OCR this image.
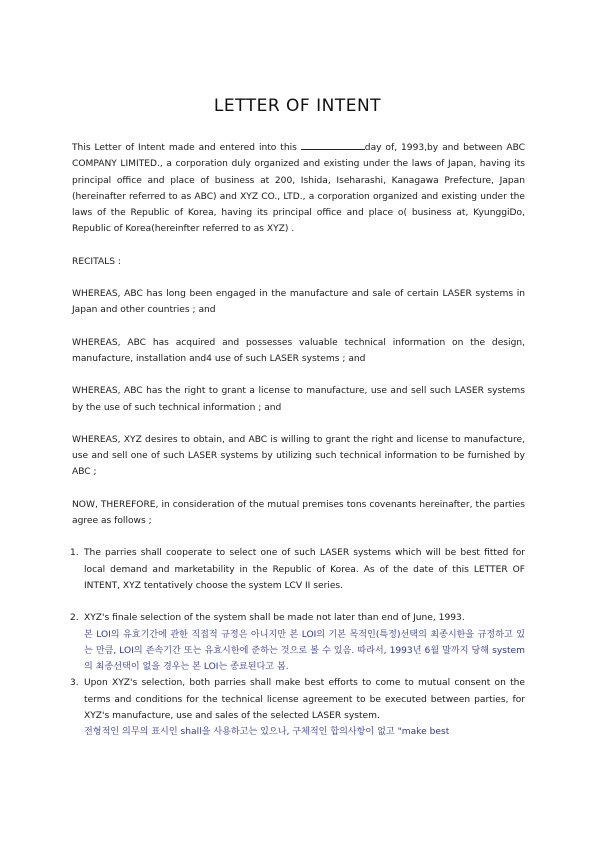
LETTER OF INTENT

This Letter of Intent made and entered into this	day of, 1993,by and between ABC COMPANY LIMITED., a corporation duly organized and existing under the laws of Japan, having its principal office and place of business at 200, Ishida, Iseharashi, Kanagawa Prefecture, Japan (hereinafter referred to as ABC) and XYZ CO., LTD., a corporation organized and existing under the laws of the Republic of Korea, having its principal office and place o( business at, KyunggiDo, Republic of Korea(hereinfter referred to as XYZ) .

RECITALS :

WHEREAS, ABC has long been engaged in the manufacture and sale of certain LASER systems in Japan and other countries ; and

WHEREAS, ABC has acquired and possesses valuable technical information on the design, manufacture, installation and4 use of such LASER systems ; and

WHEREAS, ABC has the right to grant a license to manufacture, use and sell such LASER systems by the use of such technical information ; and

WHEREAS, XYZ desires to obtain, and ABC is willing to grant the right and license to manufacture, use and sell one of such LASER systems by utilizing such technical information to be furnished by ABC ;

NOW, THEREFORE, in consideration of the mutual premises tons covenants hereinafter, the parties agree as follows ;

1. The parries shall cooperate to select one of such LASER systems which will be best fitted for local demand and marketability in the Republic of Korea. As of the date of this LETTER OF INTENT, XYZ tentatively choose the system LCV II series.
2. XYZ's finale selection of the system shall be made not later than end of June, 1993.
본 LOI의 유효기간에 관한 직접적 규정은 아니지만 본 LOI의 기본 목적인(특정)선택의 최종시한을 규정하고 있는 만큼, LOI의 존속기간 또는 유효시한에 준하는 것으로 볼 수 있음. 따라서, 1993년 6월 말까지 당해 system의 최종선택이 없을 경우는 본 LOI는 종료된다고 봄.
3. Upon XYZ's selection, both parries shall make best efforts to come to mutual consent on the terms and conditions for the technical license agreement to be executed between parties, for XYZ's manufacture, use and sales of the selected LASER system.
전형적인 의무의 표시인 shall을 사용하고는 있으나, 구체적인 합의사항이 없고 "make best
